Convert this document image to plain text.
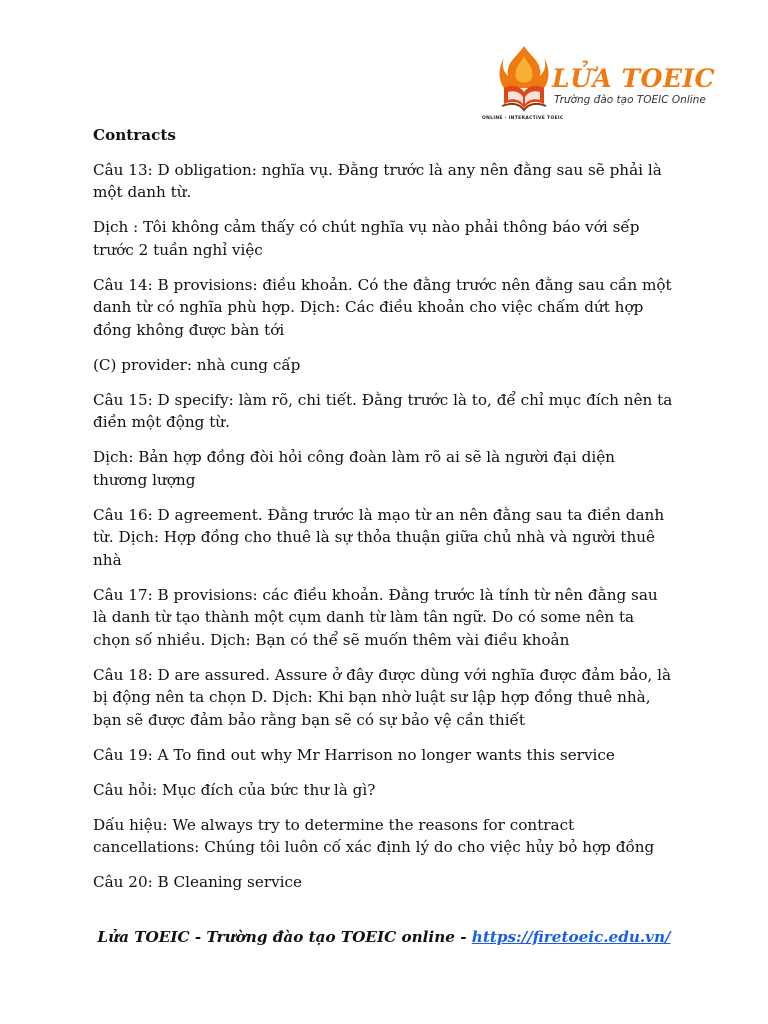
LỬA TOEIC
Trường đào tạo TOEIC Online
ONLINE - INTERACTIVE TOEIC
Contracts
Câu 13: D obligation: nghĩa vụ. Đằng trước là any nên đằng sau sẽ phải là một danh từ.
Dịch : Tôi không cảm thấy có chút nghĩa vụ nào phải thông báo với sếp trước 2 tuần nghỉ việc
Câu 14: B provisions: điều khoản. Có the đằng trước nên đằng sau cần một danh từ có nghĩa phù hợp. Dịch: Các điều khoản cho việc chấm dứt hợp đồng không được bàn tới
(C) provider: nhà cung cấp
Câu 15: D specify: làm rõ, chi tiết. Đằng trước là to, để chỉ mục đích nên ta điền một động từ.
Dịch: Bản hợp đồng đòi hỏi công đoàn làm rõ ai sẽ là người đại diện thương lượng
Câu 16: D agreement. Đằng trước là mạo từ an nên đằng sau ta điền danh từ. Dịch: Hợp đồng cho thuê là sự thỏa thuận giữa chủ nhà và người thuê nhà
Câu 17: B provisions: các điều khoản. Đằng trước là tính từ nên đằng sau là danh từ tạo thành một cụm danh từ làm tân ngữ. Do có some nên ta chọn số nhiều. Dịch: Bạn có thể sẽ muốn thêm vài điều khoản
Câu 18: D are assured. Assure ở đây được dùng với nghĩa được đảm bảo, là bị động nên ta chọn D. Dịch: Khi bạn nhờ luật sư lập hợp đồng thuê nhà, bạn sẽ được đảm bảo rằng bạn sẽ có sự bảo vệ cần thiết
Câu 19: A To find out why Mr Harrison no longer wants this service
Câu hỏi: Mục đích của bức thư là gì?
Dấu hiệu: We always try to determine the reasons for contract cancellations: Chúng tôi luôn cố xác định lý do cho việc hủy bỏ hợp đồng
Câu 20: B Cleaning service
Lửa TOEIC - Trường đào tạo TOEIC online - https://firetoeic.edu.vn/
